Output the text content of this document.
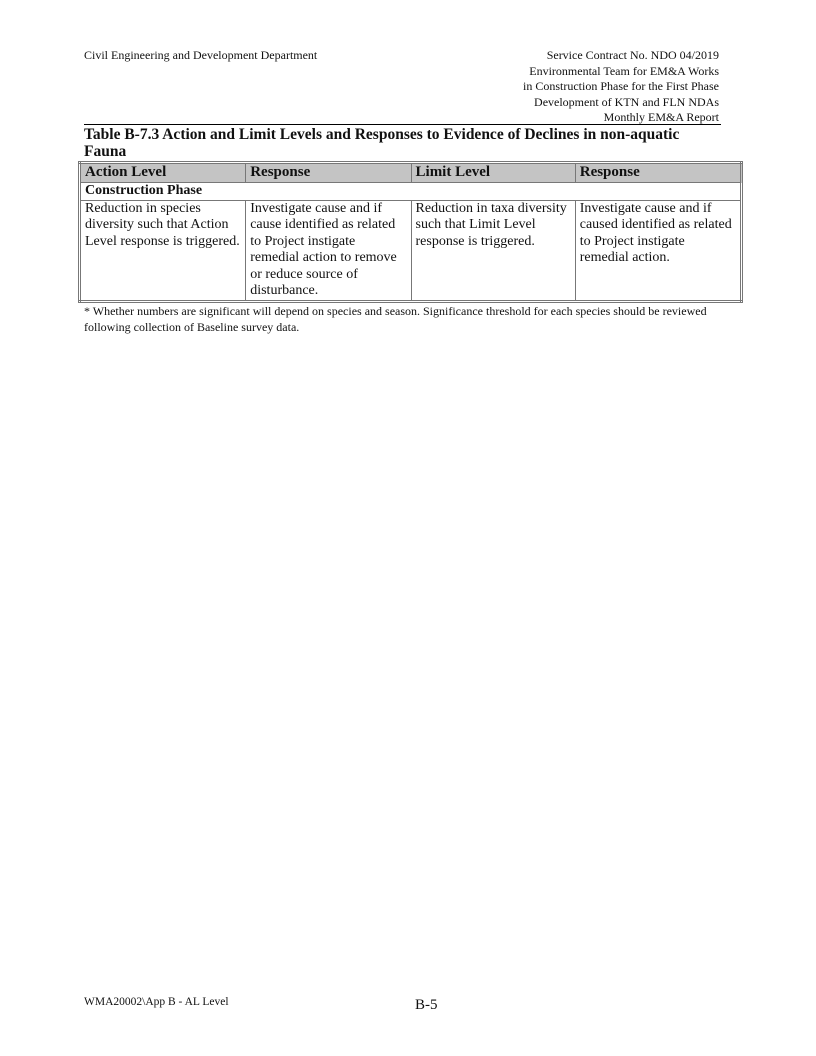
Civil Engineering and Development Department	Service Contract No. NDO 04/2019
Environmental Team for EM&A Works
in Construction Phase for the First Phase
Development of KTN and FLN NDAs
Monthly EM&A Report
Table B-7.3 Action and Limit Levels and Responses to Evidence of Declines in non-aquatic Fauna
Action Level	Response	Limit Level	Response
Construction Phase			
Reduction in species diversity such that Action Level response is triggered.	Investigate cause and if cause identified as related to Project instigate remedial action to remove or reduce source of disturbance.	Reduction in taxa diversity such that Limit Level response is triggered.	Investigate cause and if caused identified as related to Project instigate remedial action.
* Whether numbers are significant will depend on species and season. Significance threshold for each species should be reviewed following collection of Baseline survey data.
WMA20002\App B - AL Level	B-5
